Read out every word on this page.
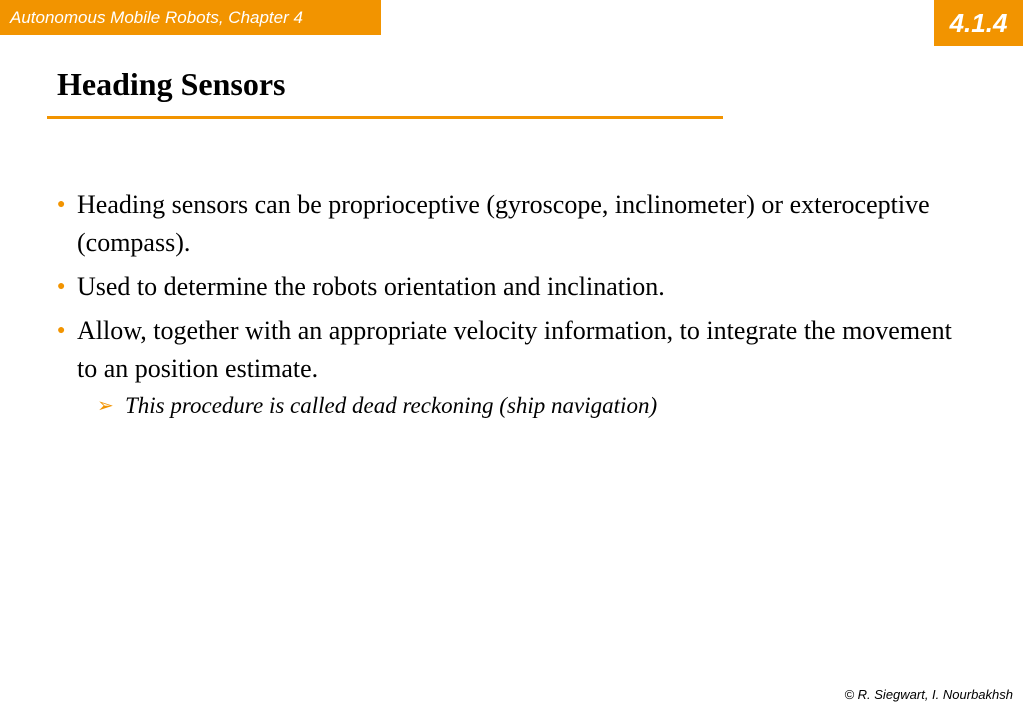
Autonomous Mobile Robots, Chapter 4	4.1.4
Heading Sensors
● Heading sensors can be proprioceptive (gyroscope, inclinometer) or exteroceptive (compass).
● Used to determine the robots orientation and inclination.
● Allow, together with an appropriate velocity information, to integrate the movement to an position estimate.
➢ This procedure is called dead reckoning (ship navigation)
© R. Siegwart, I. Nourbakhsh
